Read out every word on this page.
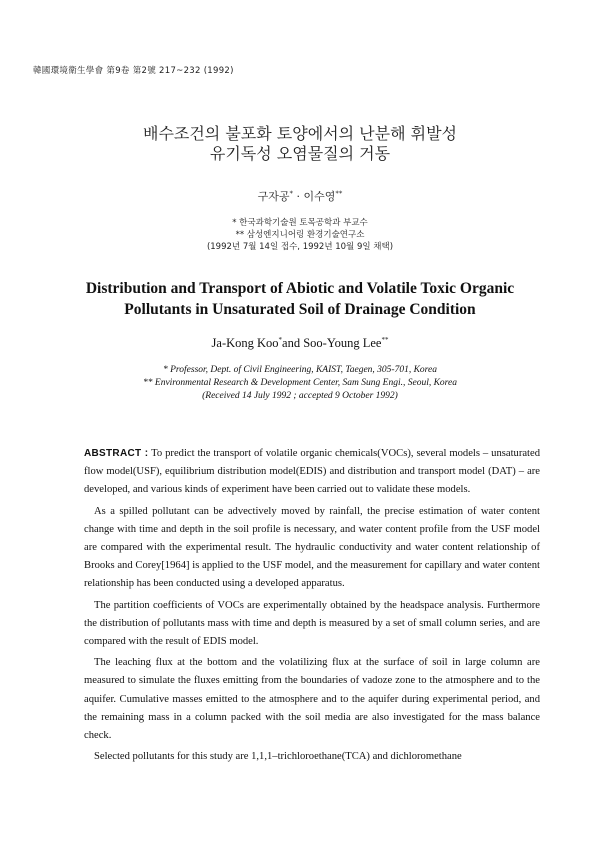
韓國環境衛生學會 第9卷 第2號 217~232 (1992)
배수조건의 불포화 토양에서의 난분해 휘발성
유기독성 오염물질의 거동
구자공* · 이수영**
* 한국과학기술원 토목공학과 부교수
** 삼성엔지니어링 환경기술연구소
(1992년 7월 14일 접수, 1992년 10월 9일 채택)
Distribution and Transport of Abiotic and Volatile Toxic Organic
Pollutants in Unsaturated Soil of Drainage Condition
Ja-Kong Koo*and Soo-Young Lee**
* Professor, Dept. of Civil Engineering, KAIST, Taegen, 305-701, Korea
** Environmental Research & Development Center, Sam Sung Engi., Seoul, Korea
(Received 14 July 1992 ; accepted 9 October 1992)

ABSTRACT : To predict the transport of volatile organic chemicals(VOCs), several models – unsaturated flow model(USF), equilibrium distribution model(EDIS) and distribution and transport model (DAT) – are developed, and various kinds of experiment have been carried out to validate these models.

As a spilled pollutant can be advectively moved by rainfall, the precise estimation of water content change with time and depth in the soil profile is necessary, and water content profile from the USF model are compared with the experimental result. The hydraulic conductivity and water content relationship of Brooks and Corey[1964] is applied to the USF model, and the measurement for capillary and water content relationship has been conducted using a developed apparatus.

The partition coefficients of VOCs are experimentally obtained by the headspace analysis. Furthermore the distribution of pollutants mass with time and depth is measured by a set of small column series, and are compared with the result of EDIS model.

The leaching flux at the bottom and the volatilizing flux at the surface of soil in large column are measured to simulate the fluxes emitting from the boundaries of vadoze zone to the atmosphere and to the aquifer. Cumulative masses emitted to the atmosphere and to the aquifer during experimental period, and the remaining mass in a column packed with the soil media are also investigated for the mass balance check.

Selected pollutants for this study are 1,1,1–trichloroethane(TCA) and dichloromethane
